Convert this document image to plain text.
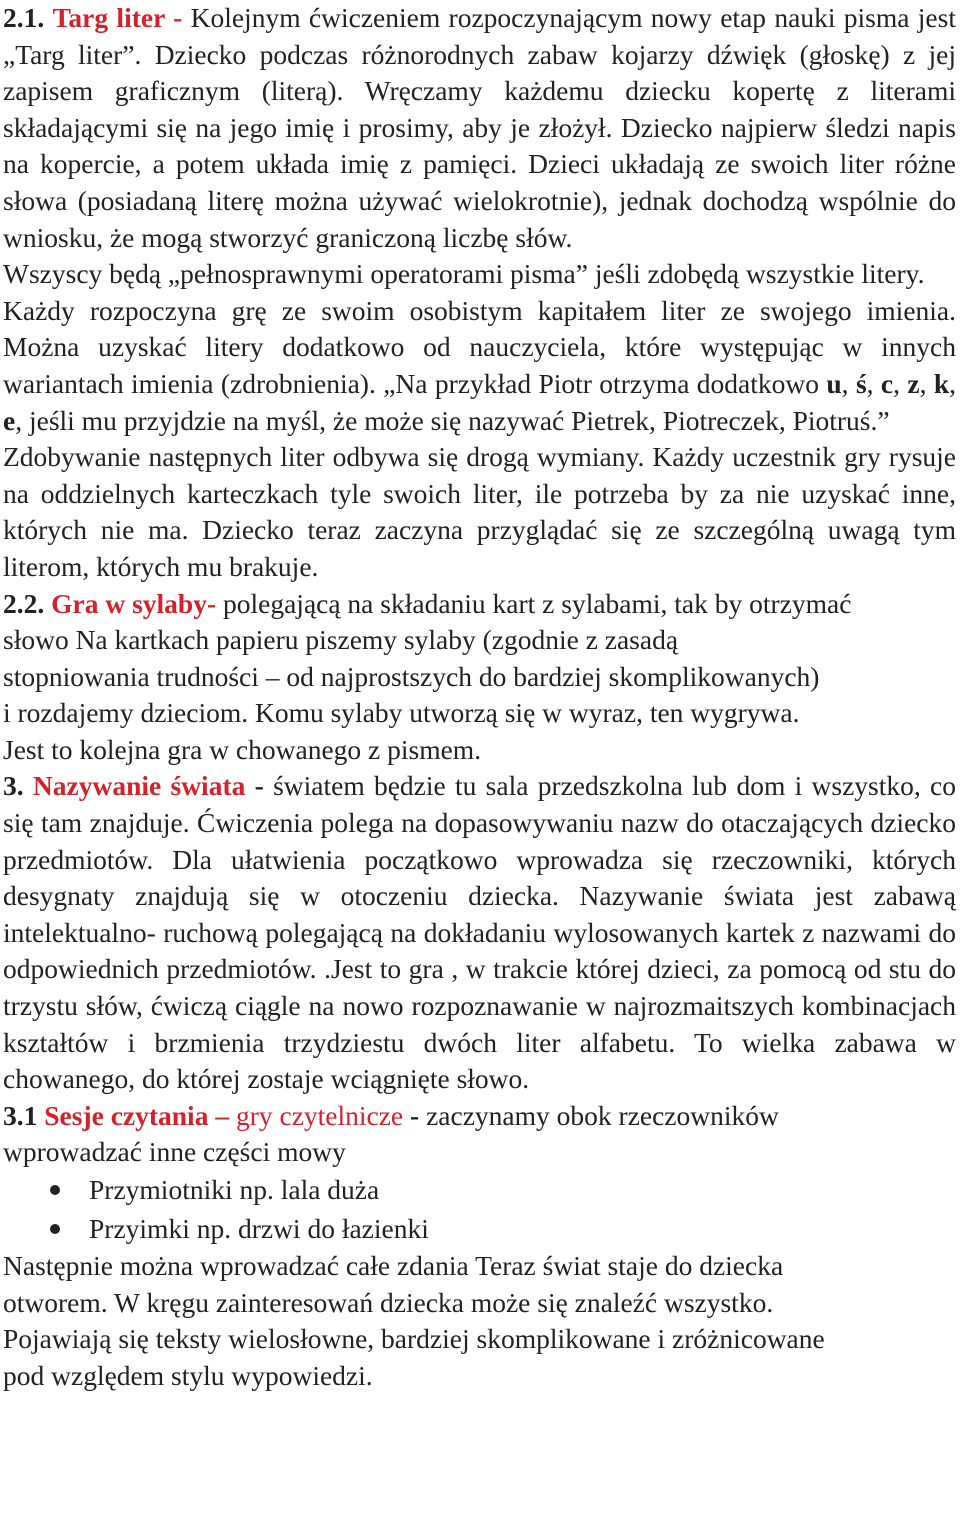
2.1. Targ liter - Kolejnym ćwiczeniem rozpoczynającym nowy etap nauki pisma jest „Targ liter”. Dziecko podczas różnorodnych zabaw kojarzy dźwięk (głoskę) z jej zapisem graficznym (literą). Wręczamy każdemu dziecku kopertę z literami składającymi się na jego imię i prosimy, aby je złożył. Dziecko najpierw śledzi napis na kopercie, a potem układa imię z pamięci. Dzieci układają ze swoich liter różne słowa (posiadaną literę można używać wielokrotnie), jednak dochodzą wspólnie do wniosku, że mogą stworzyć graniczoną liczbę słów.

Wszyscy będą „pełnosprawnymi operatorami pisma” jeśli zdobędą wszystkie litery.

Każdy rozpoczyna grę ze swoim osobistym kapitałem liter ze swojego imienia. Można uzyskać litery dodatkowo od nauczyciela, które występując w innych wariantach imienia (zdrobnienia). „Na przykład Piotr otrzyma dodatkowo u, ś, c, z, k, e, jeśli mu przyjdzie na myśl, że może się nazywać Pietrek, Piotreczek, Piotruś.”

Zdobywanie następnych liter odbywa się drogą wymiany. Każdy uczestnik gry rysuje na oddzielnych karteczkach tyle swoich liter, ile potrzeba by za nie uzyskać inne, których nie ma. Dziecko teraz zaczyna przyglądać się ze szczególną uwagą tym literom, których mu brakuje.

2.2. Gra w sylaby- polegającą na składaniu kart z sylabami, tak by otrzymać

słowo Na kartkach papieru piszemy sylaby (zgodnie z zasadą

stopniowania trudności – od najprostszych do bardziej skomplikowanych)

i rozdajemy dzieciom. Komu sylaby utworzą się w wyraz, ten wygrywa.

Jest to kolejna gra w chowanego z pismem.

3. Nazywanie świata - światem będzie tu sala przedszkolna lub dom i wszystko, co się tam znajduje. Ćwiczenia polega na dopasowywaniu nazw do otaczających dziecko przedmiotów. Dla ułatwienia początkowo wprowadza się rzeczowniki, których desygnaty znajdują się w otoczeniu dziecka. Nazywanie świata jest zabawą intelektualno- ruchową polegającą na dokładaniu wylosowanych kartek z nazwami do odpowiednich przedmiotów. .Jest to gra , w trakcie której dzieci, za pomocą od stu do trzystu słów, ćwiczą ciągle na nowo rozpoznawanie w najrozmaitszych kombinacjach kształtów i brzmienia trzydziestu dwóch liter alfabetu. To wielka zabawa w chowanego, do której zostaje wciągnięte słowo.

3.1 Sesje czytania – gry czytelnicze - zaczynamy obok rzeczowników

wprowadzać inne części mowy

Przymiotniki np. lala duża
Przyimki np. drzwi do łazienki

Następnie można wprowadzać całe zdania Teraz świat staje do dziecka

otworem. W kręgu zainteresowań dziecka może się znaleźć wszystko.

Pojawiają się teksty wielosłowne, bardziej skomplikowane i zróżnicowane

pod względem stylu wypowiedzi.
